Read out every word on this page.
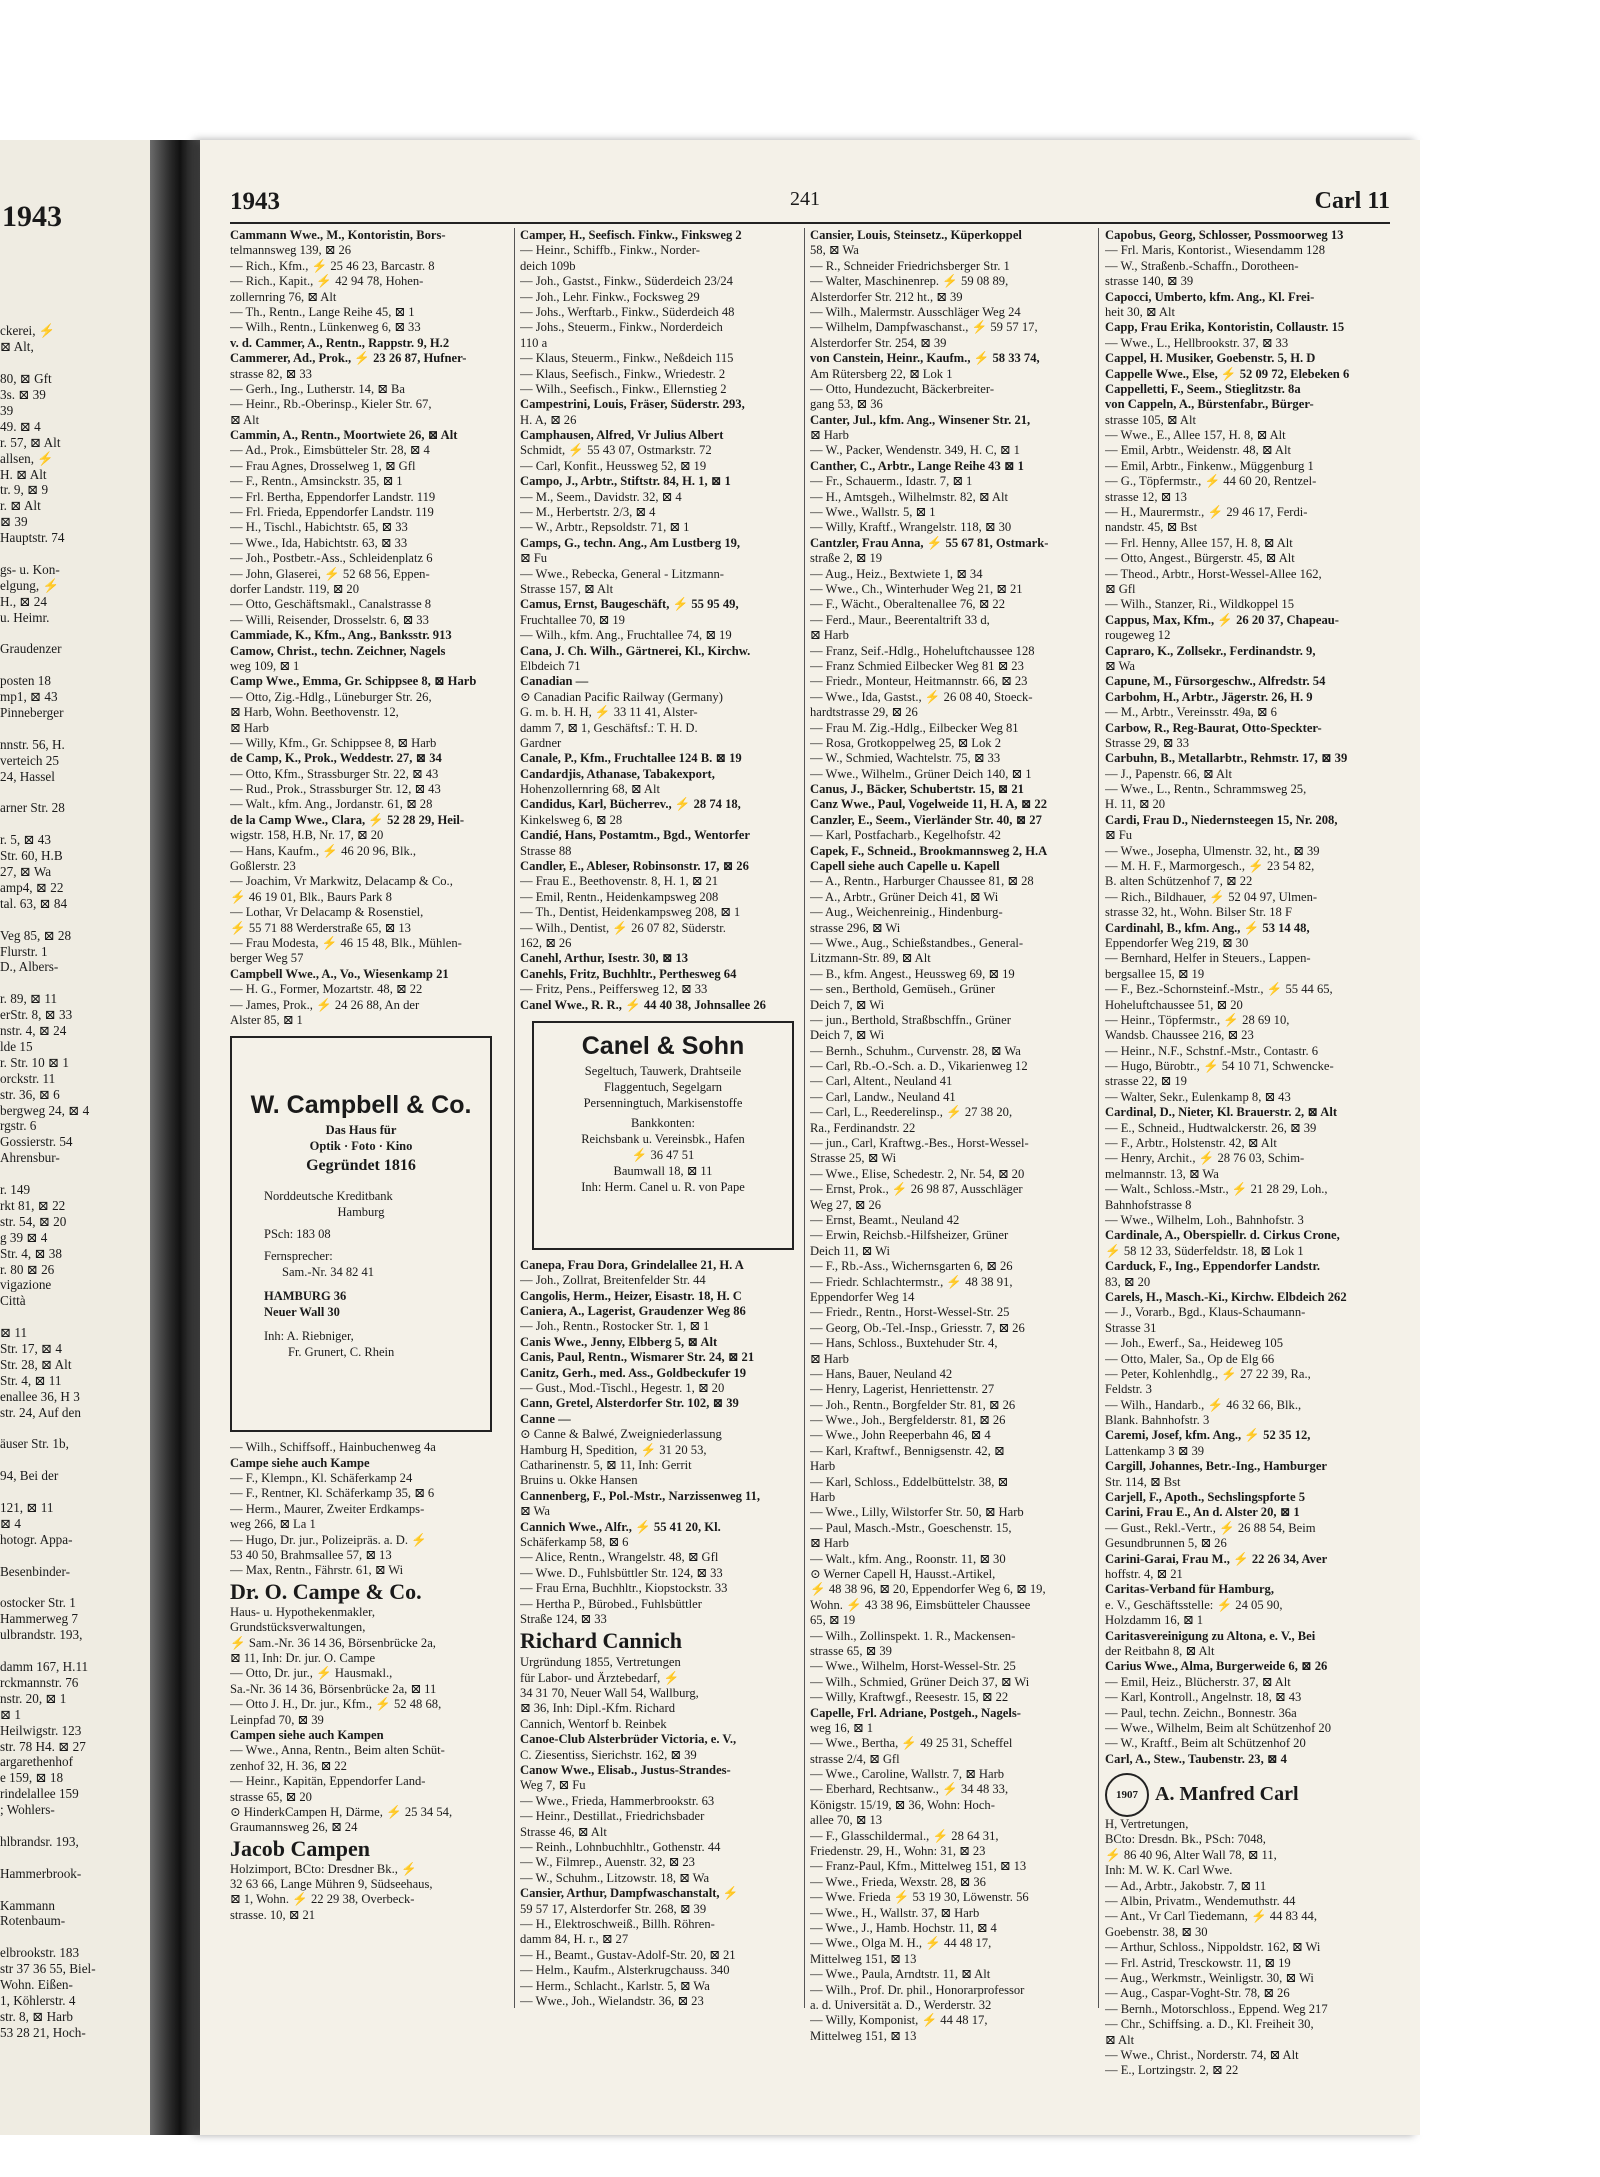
1943
ckerei, ⚡
⊠ Alt,
80, ⊠ Gft
3s. ⊠ 39
39
49. ⊠ 4
r. 57, ⊠ Alt
allsen, ⚡
H. ⊠ Alt
tr. 9, ⊠ 9
r. ⊠ Alt
⊠ 39
Hauptstr. 74
gs- u. Kon-
elgung, ⚡
H., ⊠ 24
u. Heimr.
Graudenzer
posten 18
mp1, ⊠ 43
Pinneberger
nnstr. 56, H.
verteich 25
24, Hassel
arner Str. 28
r. 5, ⊠ 43
Str. 60, H.B
27, ⊠ Wa
amp4, ⊠ 22
tal. 63, ⊠ 84
Veg 85, ⊠ 28
Flurstr. 1
D., Albers-
r. 89, ⊠ 11
erStr. 8, ⊠ 33
nstr. 4, ⊠ 24
lde 15
r. Str. 10 ⊠ 1
orckstr. 11
str. 36, ⊠ 6
bergweg 24, ⊠ 4
rgstr. 6
Gossierstr. 54
Ahrensbur-
r. 149
rkt 81, ⊠ 22
str. 54, ⊠ 20
g 39 ⊠ 4
Str. 4, ⊠ 38
r. 80 ⊠ 26
vigazione
Città
⊠ 11
Str. 17, ⊠ 4
Str. 28, ⊠ Alt
Str. 4, ⊠ 11
enallee 36, H 3
str. 24, Auf den
äuser Str. 1b,
94, Bei der
121, ⊠ 11
⊠ 4
hotogr. Appa-
Besenbinder-
ostocker Str. 1
Hammerweg 7
ulbrandstr. 193,
damm 167, H.11
rckmannstr. 76
nstr. 20, ⊠ 1
⊠ 1
Heilwigstr. 123
str. 78 H4. ⊠ 27
argarethenhof
e 159, ⊠ 18
rindelallee 159
; Wohlers-
hlbrandsr. 193,
Hammerbrook-
Kammann
Rotenbaum-
elbrookstr. 183
str 37 36 55, Biel-
Wohn. Eißen-
1, Köhlerstr. 4
str. 8, ⊠ Harb
53 28 21, Hoch-
1943	241	Carl 11
Cammann Wwe., M., Kontoristin, Bors-
telmannsweg 139, ⊠ 26
— Rich., Kfm., ⚡ 25 46 23, Barcastr. 8
— Rich., Kapit., ⚡ 42 94 78, Hohen-
zollernring 76, ⊠ Alt
— Th., Rentn., Lange Reihe 45, ⊠ 1
— Wilh., Rentn., Lünkenweg 6, ⊠ 33
v. d. Cammer, A., Rentn., Rappstr. 9, H.2
Cammerer, Ad., Prok., ⚡ 23 26 87, Hufner-
strasse 82, ⊠ 33
— Gerh., Ing., Lutherstr. 14, ⊠ Ba
— Heinr., Rb.-Oberinsp., Kieler Str. 67,
⊠ Alt
Cammin, A., Rentn., Moortwiete 26, ⊠ Alt
— Ad., Prok., Eimsbütteler Str. 28, ⊠ 4
— Frau Agnes, Drosselweg 1, ⊠ Gfl
— F., Rentn., Amsinckstr. 35, ⊠ 1
— Frl. Bertha, Eppendorfer Landstr. 119
— Frl. Frieda, Eppendorfer Landstr. 119
— H., Tischl., Habichtstr. 65, ⊠ 33
— Wwe., Ida, Habichtstr. 63, ⊠ 33
— Joh., Postbetr.-Ass., Schleidenplatz 6
— John, Glaserei, ⚡ 52 68 56, Eppen-
dorfer Landstr. 119, ⊠ 20
— Otto, Geschäftsmakl., Canalstrasse 8
— Willi, Reisender, Drosselstr. 6, ⊠ 33
Cammiade, K., Kfm., Ang., Banksstr. 913
Camow, Christ., techn. Zeichner, Nagels
weg 109, ⊠ 1
Camp Wwe., Emma, Gr. Schippsee 8, ⊠ Harb
— Otto, Zig.-Hdlg., Lüneburger Str. 26,
⊠ Harb, Wohn. Beethovenstr. 12,
⊠ Harb
— Willy, Kfm., Gr. Schippsee 8, ⊠ Harb
de Camp, K., Prok., Weddestr. 27, ⊠ 34
— Otto, Kfm., Strassburger Str. 22, ⊠ 43
— Rud., Prok., Strassburger Str. 12, ⊠ 43
— Walt., kfm. Ang., Jordanstr. 61, ⊠ 28
de la Camp Wwe., Clara, ⚡ 52 28 29, Heil-
wigstr. 158, H.B, Nr. 17, ⊠ 20
— Hans, Kaufm., ⚡ 46 20 96, Blk.,
Goßlerstr. 23
— Joachim, Vr Markwitz, Delacamp & Co.,
⚡ 46 19 01, Blk., Baurs Park 8
— Lothar, Vr Delacamp & Rosenstiel,
⚡ 55 71 88 Werderstraße 65, ⊠ 13
— Frau Modesta, ⚡ 46 15 48, Blk., Mühlen-
berger Weg 57
Campbell Wwe., A., Vo., Wiesenkamp 21
— H. G., Former, Mozartstr. 48, ⊠ 22
— James, Prok., ⚡ 24 26 88, An der
Alster 85, ⊠ 1
W. Campbell & Co.
Das Haus für
Optik · Foto · Kino
Gegründet 1816
Norddeutsche Kreditbank
Hamburg
PSch: 183 08
Fernsprecher:
Sam.-Nr. 34 82 41
HAMBURG 36
Neuer Wall 30
Inh: A. Riebniger,
Fr. Grunert, C. Rhein
— Wilh., Schiffsoff., Hainbuchenweg 4a
Campe siehe auch Kampe
— F., Klempn., Kl. Schäferkamp 24
— F., Rentner, Kl. Schäferkamp 35, ⊠ 6
— Herm., Maurer, Zweiter Erdkamps-
weg 266, ⊠ La 1
— Hugo, Dr. jur., Polizeipräs. a. D. ⚡
53 40 50, Brahmsallee 57, ⊠ 13
— Max, Rentn., Fährstr. 61, ⊠ Wi
Dr. O. Campe & Co.
Haus- u. Hypothekenmakler,
Grundstücksverwaltungen,
⚡ Sam.-Nr. 36 14 36, Börsenbrücke 2a,
⊠ 11, Inh: Dr. jur. O. Campe
— Otto, Dr. jur., ⚡ Hausmakl.,
Sa.-Nr. 36 14 36, Börsenbrücke 2a, ⊠ 11
— Otto J. H., Dr. jur., Kfm., ⚡ 52 48 68,
Leinpfad 70, ⊠ 39
Campen siehe auch Kampen
— Wwe., Anna, Rentn., Beim alten Schüt-
zenhof 32, H. 36, ⊠ 22
— Heinr., Kapitän, Eppendorfer Land-
strasse 65, ⊠ 20
⊙ HinderkCampen H, Därme, ⚡ 25 34 54,
Graumannsweg 26, ⊠ 24
Jacob Campen
Holzimport, BCto: Dresdner Bk., ⚡
32 63 66, Lange Mühren 9, Südseehaus,
⊠ 1, Wohn. ⚡ 22 29 38, Overbeck-
strasse. 10, ⊠ 21
Camper, H., Seefisch. Finkw., Finksweg 2
— Heinr., Schiffb., Finkw., Norder-
deich 109b
— Joh., Gastst., Finkw., Süderdeich 23/24
— Joh., Lehr. Finkw., Focksweg 29
— Johs., Werftarb., Finkw., Süderdeich 48
— Johs., Steuerm., Finkw., Norderdeich
110 a
— Klaus, Steuerm., Finkw., Neßdeich 115
— Klaus, Seefisch., Finkw., Wriedestr. 2
— Wilh., Seefisch., Finkw., Ellernstieg 2
Campestrini, Louis, Fräser, Süderstr. 293,
H. A, ⊠ 26
Camphausen, Alfred, Vr Julius Albert
Schmidt, ⚡ 55 43 07, Ostmarkstr. 72
— Carl, Konfit., Heussweg 52, ⊠ 19
Campo, J., Arbtr., Stiftstr. 84, H. 1, ⊠ 1
— M., Seem., Davidstr. 32, ⊠ 4
— M., Herbertstr. 2/3, ⊠ 4
— W., Arbtr., Repsoldstr. 71, ⊠ 1
Camps, G., techn. Ang., Am Lustberg 19,
⊠ Fu
— Wwe., Rebecka, General - Litzmann-
Strasse 157, ⊠ Alt
Camus, Ernst, Baugeschäft, ⚡ 55 95 49,
Fruchtallee 70, ⊠ 19
— Wilh., kfm. Ang., Fruchtallee 74, ⊠ 19
Cana, J. Ch. Wilh., Gärtnerei, Kl., Kirchw.
Elbdeich 71
Canadian —
⊙ Canadian Pacific Railway (Germany)
G. m. b. H. H, ⚡ 33 11 41, Alster-
damm 7, ⊠ 1, Geschäftsf.: T. H. D.
Gardner
Canale, P., Kfm., Fruchtallee 124 B. ⊠ 19
Candardjis, Athanase, Tabakexport,
Hohenzollernring 68, ⊠ Alt
Candidus, Karl, Bücherrev., ⚡ 28 74 18,
Kinkelsweg 6, ⊠ 28
Candié, Hans, Postamtm., Bgd., Wentorfer
Strasse 88
Candler, E., Ableser, Robinsonstr. 17, ⊠ 26
— Frau E., Beethovenstr. 8, H. 1, ⊠ 21
— Emil, Rentn., Heidenkampsweg 208
— Th., Dentist, Heidenkampsweg 208, ⊠ 1
— Wilh., Dentist, ⚡ 26 07 82, Süderstr.
162, ⊠ 26
Canehl, Arthur, Isestr. 30, ⊠ 13
Canehls, Fritz, Buchhltr., Perthesweg 64
— Fritz, Pens., Peiffersweg 12, ⊠ 33
Canel Wwe., R. R., ⚡ 44 40 38, Johnsallee 26
Canel & Sohn
Segeltuch, Tauwerk, Drahtseile
Flaggentuch, Segelgarn
Persenningtuch, Markisenstoffe
Bankkonten:
Reichsbank u. Vereinsbk., Hafen
⚡ 36 47 51
Baumwall 18, ⊠ 11
Inh: Herm. Canel u. R. von Pape
Canepa, Frau Dora, Grindelallee 21, H. A
— Joh., Zollrat, Breitenfelder Str. 44
Cangolis, Herm., Heizer, Eisastr. 18, H. C
Caniera, A., Lagerist, Graudenzer Weg 86
— Joh., Rentn., Rostocker Str. 1, ⊠ 1
Canis Wwe., Jenny, Elbberg 5, ⊠ Alt
Canis, Paul, Rentn., Wismarer Str. 24, ⊠ 21
Canitz, Gerh., med. Ass., Goldbeckufer 19
— Gust., Mod.-Tischl., Hegestr. 1, ⊠ 20
Cann, Gretel, Alsterdorfer Str. 102, ⊠ 39
Canne —
⊙ Canne & Balwé, Zweigniederlassung
Hamburg H, Spedition, ⚡ 31 20 53,
Catharinenstr. 5, ⊠ 11, Inh: Gerrit
Bruins u. Okke Hansen
Cannenberg, F., Pol.-Mstr., Narzissenweg 11,
⊠ Wa
Cannich Wwe., Alfr., ⚡ 55 41 20, Kl.
Schäferkamp 58, ⊠ 6
— Alice, Rentn., Wrangelstr. 48, ⊠ Gfl
— Wwe. D., Fuhlsbüttler Str. 124, ⊠ 33
— Frau Erna, Buchhltr., Kiopstockstr. 33
— Hertha P., Bürobed., Fuhlsbüttler
Straße 124, ⊠ 33
Richard Cannich
Urgründung 1855, Vertretungen
für Labor- und Ärztebedarf, ⚡
34 31 70, Neuer Wall 54, Wallburg,
⊠ 36, Inh: Dipl.-Kfm. Richard
Cannich, Wentorf b. Reinbek
Canoe-Club Alsterbrüder Victoria, e. V.,
C. Ziesentiss, Sierichstr. 162, ⊠ 39
Canow Wwe., Elisab., Justus-Strandes-
Weg 7, ⊠ Fu
— Wwe., Frieda, Hammerbrookstr. 63
— Heinr., Destillat., Friedrichsbader
Strasse 46, ⊠ Alt
— Reinh., Lohnbuchhltr., Gothenstr. 44
— W., Filmrep., Auenstr. 32, ⊠ 23
— W., Schuhm., Litzowstr. 18, ⊠ Wa
Cansier, Arthur, Dampfwaschanstalt, ⚡
59 57 17, Alsterdorfer Str. 268, ⊠ 39
— H., Elektroschweiß., Billh. Röhren-
damm 84, H. r., ⊠ 27
— H., Beamt., Gustav-Adolf-Str. 20, ⊠ 21
— Helm., Kaufm., Alsterkrugchauss. 340
— Herm., Schlacht., Karlstr. 5, ⊠ Wa
— Wwe., Joh., Wielandstr. 36, ⊠ 23
Cansier, Louis, Steinsetz., Küperkoppel
58, ⊠ Wa
— R., Schneider Friedrichsberger Str. 1
— Walter, Maschinenrep. ⚡ 59 08 89,
Alsterdorfer Str. 212 ht., ⊠ 39
— Wilh., Malermstr. Ausschläger Weg 24
— Wilhelm, Dampfwaschanst., ⚡ 59 57 17,
Alsterdorfer Str. 254, ⊠ 39
von Canstein, Heinr., Kaufm., ⚡ 58 33 74,
Am Rütersberg 22, ⊠ Lok 1
— Otto, Hundezucht, Bäckerbreiter-
gang 53, ⊠ 36
Canter, Jul., kfm. Ang., Winsener Str. 21,
⊠ Harb
— W., Packer, Wendenstr. 349, H. C, ⊠ 1
Canther, C., Arbtr., Lange Reihe 43 ⊠ 1
— Fr., Schauerm., Idastr. 7, ⊠ 1
— H., Amtsgeh., Wilhelmstr. 82, ⊠ Alt
— Wwe., Wallstr. 5, ⊠ 1
— Willy, Kraftf., Wrangelstr. 118, ⊠ 30
Cantzler, Frau Anna, ⚡ 55 67 81, Ostmark-
straße 2, ⊠ 19
— Aug., Heiz., Bextwiete 1, ⊠ 34
— Wwe., Ch., Winterhuder Weg 21, ⊠ 21
— F., Wächt., Oberaltenallee 76, ⊠ 22
— Ferd., Maur., Beerentaltrift 33 d,
⊠ Harb
— Franz, Seif.-Hdlg., Hoheluftchaussee 128
— Franz Schmied Eilbecker Weg 81 ⊠ 23
— Friedr., Monteur, Heitmannstr. 66, ⊠ 23
— Wwe., Ida, Gastst., ⚡ 26 08 40, Stoeck-
hardtstrasse 29, ⊠ 26
— Frau M. Zig.-Hdlg., Eilbecker Weg 81
— Rosa, Grotkoppelweg 25, ⊠ Lok 2
— W., Schmied, Wachtelstr. 75, ⊠ 33
— Wwe., Wilhelm., Grüner Deich 140, ⊠ 1
Canus, J., Bäcker, Schubertstr. 15, ⊠ 21
Canz Wwe., Paul, Vogelweide 11, H. A, ⊠ 22
Canzler, E., Seem., Vierländer Str. 40, ⊠ 27
— Karl, Postfacharb., Kegelhofstr. 42
Capek, F., Schneid., Brookmannsweg 2, H.A
Capell siehe auch Capelle u. Kapell
— A., Rentn., Harburger Chaussee 81, ⊠ 28
— A., Arbtr., Grüner Deich 41, ⊠ Wi
— Aug., Weichenreinig., Hindenburg-
strasse 296, ⊠ Wi
— Wwe., Aug., Schießstandbes., General-
Litzmann-Str. 89, ⊠ Alt
— B., kfm. Angest., Heussweg 69, ⊠ 19
— sen., Berthold, Gemüseh., Grüner
Deich 7, ⊠ Wi
— jun., Berthold, Straßbschffn., Grüner
Deich 7, ⊠ Wi
— Bernh., Schuhm., Curvenstr. 28, ⊠ Wa
— Carl, Rb.-O.-Sch. a. D., Vikarienweg 12
— Carl, Altent., Neuland 41
— Carl, Landw., Neuland 41
— Carl, L., Reederelinsp., ⚡ 27 38 20,
Ra., Ferdinandstr. 22
— jun., Carl, Kraftwg.-Bes., Horst-Wessel-
Strasse 25, ⊠ Wi
— Wwe., Elise, Schedestr. 2, Nr. 54, ⊠ 20
— Ernst, Prok., ⚡ 26 98 87, Ausschläger
Weg 27, ⊠ 26
— Ernst, Beamt., Neuland 42
— Erwin, Reichsb.-Hilfsheizer, Grüner
Deich 11, ⊠ Wi
— F., Rb.-Ass., Wichernsgarten 6, ⊠ 26
— Friedr. Schlachtermstr., ⚡ 48 38 91,
Eppendorfer Weg 14
— Friedr., Rentn., Horst-Wessel-Str. 25
— Georg, Ob.-Tel.-Insp., Griesstr. 7, ⊠ 26
— Hans, Schloss., Buxtehuder Str. 4,
⊠ Harb
— Hans, Bauer, Neuland 42
— Henry, Lagerist, Henriettenstr. 27
— Joh., Rentn., Borgfelder Str. 81, ⊠ 26
— Wwe., Joh., Bergfelderstr. 81, ⊠ 26
— Wwe., John Reeperbahn 46, ⊠ 4
— Karl, Kraftwf., Bennigsenstr. 42, ⊠
Harb
— Karl, Schloss., Eddelbüttelstr. 38, ⊠
Harb
— Wwe., Lilly, Wilstorfer Str. 50, ⊠ Harb
— Paul, Masch.-Mstr., Goeschenstr. 15,
⊠ Harb
— Walt., kfm. Ang., Roonstr. 11, ⊠ 30
⊙ Werner Capell H, Hausst.-Artikel,
⚡ 48 38 96, ⊠ 20, Eppendorfer Weg 6, ⊠ 19,
Wohn. ⚡ 43 38 96, Eimsbütteler Chaussee
65, ⊠ 19
— Wilh., Zollinspekt. 1. R., Mackensen-
strasse 65, ⊠ 39
— Wwe., Wilhelm, Horst-Wessel-Str. 25
— Wilh., Schmied, Grüner Deich 37, ⊠ Wi
— Willy, Kraftwgf., Reesestr. 15, ⊠ 22
Capelle, Frl. Adriane, Postgeh., Nagels-
weg 16, ⊠ 1
— Wwe., Bertha, ⚡ 49 25 31, Scheffel
strasse 2/4, ⊠ Gfl
— Wwe., Caroline, Wallstr. 7, ⊠ Harb
— Eberhard, Rechtsanw., ⚡ 34 48 33,
Königstr. 15/19, ⊠ 36, Wohn: Hoch-
allee 70, ⊠ 13
— F., Glasschildermal., ⚡ 28 64 31,
Friedenstr. 29, H., Wohn: 31, ⊠ 23
— Franz-Paul, Kfm., Mittelweg 151, ⊠ 13
— Wwe., Frieda, Wexstr. 28, ⊠ 36
— Wwe. Frieda ⚡ 53 19 30, Löwenstr. 56
— Wwe., H., Wallstr. 37, ⊠ Harb
— Wwe., J., Hamb. Hochstr. 11, ⊠ 4
— Wwe., Olga M. H., ⚡ 44 48 17,
Mittelweg 151, ⊠ 13
— Wwe., Paula, Arndtstr. 11, ⊠ Alt
— Wilh., Prof. Dr. phil., Honorarprofessor
a. d. Universität a. D., Werderstr. 32
— Willy, Komponist, ⚡ 44 48 17,
Mittelweg 151, ⊠ 13
Capobus, Georg, Schlosser, Possmoorweg 13
— Frl. Maris, Kontorist., Wiesendamm 128
— W., Straßenb.-Schaffn., Dorotheen-
strasse 140, ⊠ 39
Capocci, Umberto, kfm. Ang., Kl. Frei-
heit 30, ⊠ Alt
Capp, Frau Erika, Kontoristin, Collaustr. 15
— Wwe., L., Hellbrookstr. 37, ⊠ 33
Cappel, H. Musiker, Goebenstr. 5, H. D
Cappelle Wwe., Else, ⚡ 52 09 72, Elebeken 6
Cappelletti, F., Seem., Stieglitzstr. 8a
von Cappeln, A., Bürstenfabr., Bürger-
strasse 105, ⊠ Alt
— Wwe., E., Allee 157, H. 8, ⊠ Alt
— Emil, Arbtr., Weidenstr. 48, ⊠ Alt
— Emil, Arbtr., Finkenw., Müggenburg 1
— G., Töpfermstr., ⚡ 44 60 20, Rentzel-
strasse 12, ⊠ 13
— H., Maurermstr., ⚡ 29 46 17, Ferdi-
nandstr. 45, ⊠ Bst
— Frl. Henny, Allee 157, H. 8, ⊠ Alt
— Otto, Angest., Bürgerstr. 45, ⊠ Alt
— Theod., Arbtr., Horst-Wessel-Allee 162,
⊠ Gfl
— Wilh., Stanzer, Ri., Wildkoppel 15
Cappus, Max, Kfm., ⚡ 26 20 37, Chapeau-
rougeweg 12
Capraro, K., Zollsekr., Ferdinandstr. 9,
⊠ Wa
Capune, M., Fürsorgeschw., Alfredstr. 54
Carbohm, H., Arbtr., Jägerstr. 26, H. 9
— M., Arbtr., Vereinsstr. 49a, ⊠ 6
Carbow, R., Reg-Baurat, Otto-Speckter-
Strasse 29, ⊠ 33
Carbuhn, B., Metallarbtr., Rehmstr. 17, ⊠ 39
— J., Papenstr. 66, ⊠ Alt
— Wwe., L., Rentn., Schrammsweg 25,
H. 11, ⊠ 20
Cardi, Frau D., Niedernsteegen 15, Nr. 208,
⊠ Fu
— Wwe., Josepha, Ulmenstr. 32, ht., ⊠ 39
— M. H. F., Marmorgesch., ⚡ 23 54 82,
B. alten Schützenhof 7, ⊠ 22
— Rich., Bildhauer, ⚡ 52 04 97, Ulmen-
strasse 32, ht., Wohn. Bilser Str. 18 F
Cardinahl, B., kfm. Ang., ⚡ 53 14 48,
Eppendorfer Weg 219, ⊠ 30
— Bernhard, Helfer in Steuers., Lappen-
bergsallee 15, ⊠ 19
— F., Bez.-Schornsteinf.-Mstr., ⚡ 55 44 65,
Hoheluftchaussee 51, ⊠ 20
— Heinr., Töpfermstr., ⚡ 28 69 10,
Wandsb. Chaussee 216, ⊠ 23
— Heinr., N.F., Schstnf.-Mstr., Contastr. 6
— Hugo, Bürobtr., ⚡ 54 10 71, Schwencke-
strasse 22, ⊠ 19
— Walter, Sekr., Eulenkamp 8, ⊠ 43
Cardinal, D., Nieter, Kl. Brauerstr. 2, ⊠ Alt
— E., Schneid., Hudtwalckerstr. 26, ⊠ 39
— F., Arbtr., Holstenstr. 42, ⊠ Alt
— Henry, Archit., ⚡ 28 76 03, Schim-
melmannstr. 13, ⊠ Wa
— Walt., Schloss.-Mstr., ⚡ 21 28 29, Loh.,
Bahnhofstrasse 8
— Wwe., Wilhelm, Loh., Bahnhofstr. 3
Cardinale, A., Oberspiellr. d. Cirkus Crone,
⚡ 58 12 33, Süderfeldstr. 18, ⊠ Lok 1
Carduck, F., Ing., Eppendorfer Landstr.
83, ⊠ 20
Carels, H., Masch.-Ki., Kirchw. Elbdeich 262
— J., Vorarb., Bgd., Klaus-Schaumann-
Strasse 31
— Joh., Ewerf., Sa., Heideweg 105
— Otto, Maler, Sa., Op de Elg 66
— Peter, Kohlenhdlg., ⚡ 27 22 39, Ra.,
Feldstr. 3
— Wilh., Handarb., ⚡ 46 32 66, Blk.,
Blank. Bahnhofstr. 3
Caremi, Josef, kfm. Ang., ⚡ 52 35 12,
Lattenkamp 3 ⊠ 39
Cargill, Johannes, Betr.-Ing., Hamburger
Str. 114, ⊠ Bst
Carjell, F., Apoth., Sechslingspforte 5
Carini, Frau E., An d. Alster 20, ⊠ 1
— Gust., Rekl.-Vertr., ⚡ 26 88 54, Beim
Gesundbrunnen 5, ⊠ 26
Carini-Garai, Frau M., ⚡ 22 26 34, Aver
hoffstr. 4, ⊠ 21
Caritas-Verband für Hamburg,
e. V., Geschäftsstelle: ⚡ 24 05 90,
Holzdamm 16, ⊠ 1
Caritasvereinigung zu Altona, e. V., Bei
der Reitbahn 8, ⊠ Alt
Carius Wwe., Alma, Burgerweide 6, ⊠ 26
— Emil, Heiz., Blücherstr. 37, ⊠ Alt
— Karl, Kontroll., Angelnstr. 18, ⊠ 43
— Paul, techn. Zeichn., Bonnestr. 36a
— Wwe., Wilhelm, Beim alt Schützenhof 20
— W., Kraftf., Beim alt Schützenhof 20
Carl, A., Stew., Taubenstr. 23, ⊠ 4
1907 A. Manfred Carl
H, Vertretungen,
BCto: Dresdn. Bk., PSch: 7048,
⚡ 86 40 96, Alter Wall 78, ⊠ 11,
Inh: M. W. K. Carl Wwe.
— Ad., Arbtr., Jakobstr. 7, ⊠ 11
— Albin, Privatm., Wendemuthstr. 44
— Ant., Vr Carl Tiedemann, ⚡ 44 83 44,
Goebenstr. 38, ⊠ 30
— Arthur, Schloss., Nippoldstr. 162, ⊠ Wi
— Frl. Astrid, Tresckowstr. 11, ⊠ 19
— Aug., Werkmstr., Weinligstr. 30, ⊠ Wi
— Aug., Caspar-Voght-Str. 78, ⊠ 26
— Bernh., Motorschloss., Eppend. Weg 217
— Chr., Schiffsing. a. D., Kl. Freiheit 30,
⊠ Alt
— Wwe., Christ., Norderstr. 74, ⊠ Alt
— E., Lortzingstr. 2, ⊠ 22
